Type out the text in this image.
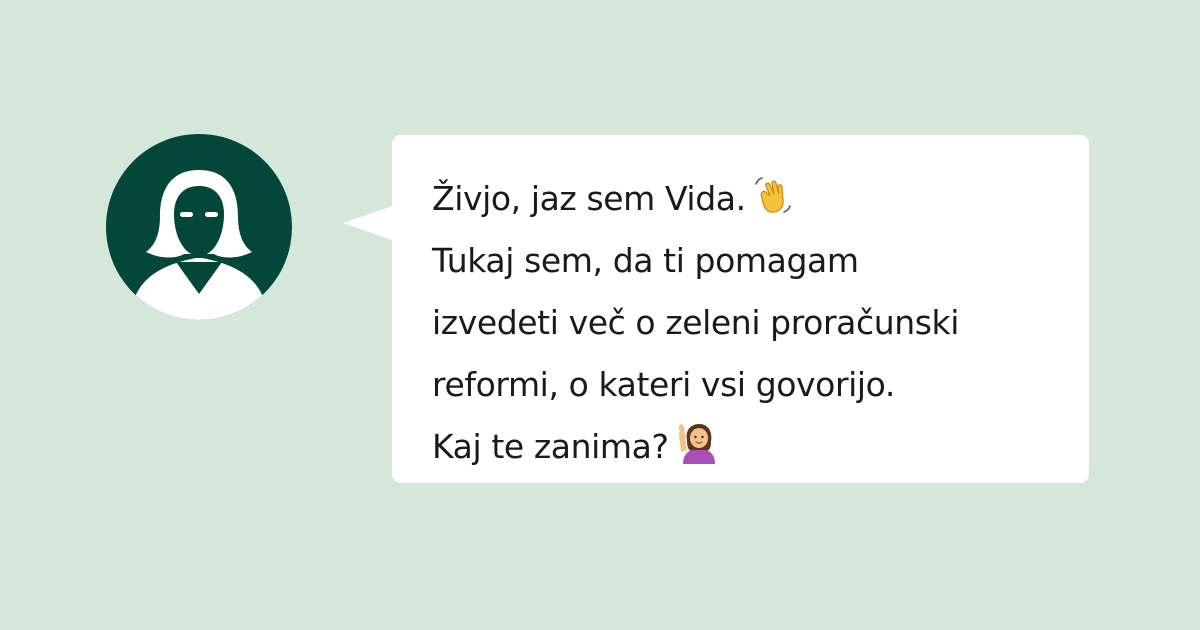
Živjo, jaz sem Vida.
Tukaj sem, da ti pomagam
izvedeti več o zeleni proračunski
reformi, o kateri vsi govorijo.
Kaj te zanima?
